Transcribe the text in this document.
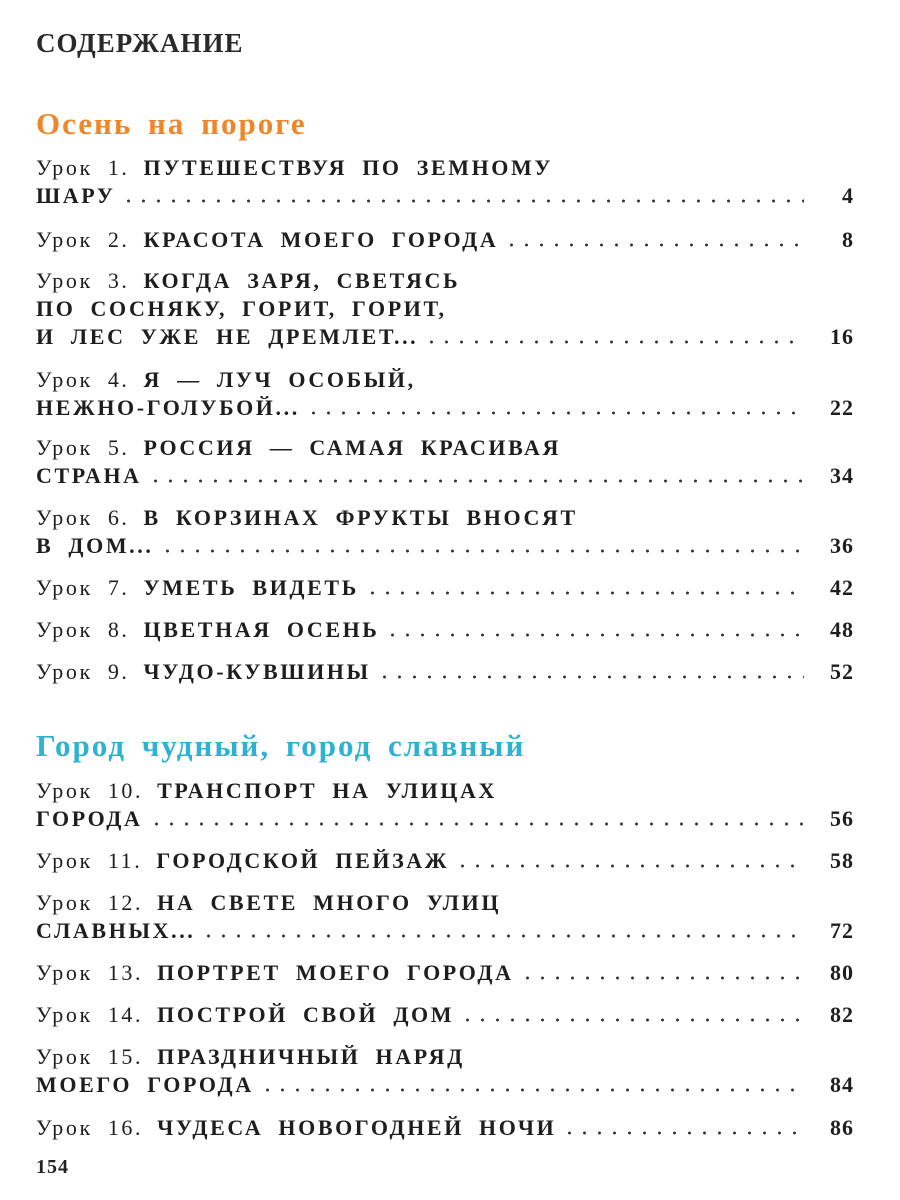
СОДЕРЖАНИЕ
Осень на пороге
Урок 1. ПУТЕШЕСТВУЯ ПО ЗЕМНОМУ
ШАРУ	4
Урок 2. КРАСОТА МОЕГО ГОРОДА	8
Урок 3. КОГДА ЗАРЯ, СВЕТЯСЬ
ПО СОСНЯКУ, ГОРИТ, ГОРИТ,
И ЛЕС УЖЕ НЕ ДРЕМЛЕТ...	16
Урок 4. Я — ЛУЧ ОСОБЫЙ,
НЕЖНО-ГОЛУБОЙ...	22
Урок 5. РОССИЯ — САМАЯ КРАСИВАЯ
СТРАНА	34
Урок 6. В КОРЗИНАХ ФРУКТЫ ВНОСЯТ
В ДОМ...	36
Урок 7. УМЕТЬ ВИДЕТЬ	42
Урок 8. ЦВЕТНАЯ ОСЕНЬ	48
Урок 9. ЧУДО-КУВШИНЫ	52
Город чудный, город славный
Урок 10. ТРАНСПОРТ НА УЛИЦАХ
ГОРОДА	56
Урок 11. ГОРОДСКОЙ ПЕЙЗАЖ	58
Урок 12. НА СВЕТЕ МНОГО УЛИЦ
СЛАВНЫХ...	72
Урок 13. ПОРТРЕТ МОЕГО ГОРОДА	80
Урок 14. ПОСТРОЙ СВОЙ ДОМ	82
Урок 15. ПРАЗДНИЧНЫЙ НАРЯД
МОЕГО ГОРОДА	84
Урок 16. ЧУДЕСА НОВОГОДНЕЙ НОЧИ	86
154
